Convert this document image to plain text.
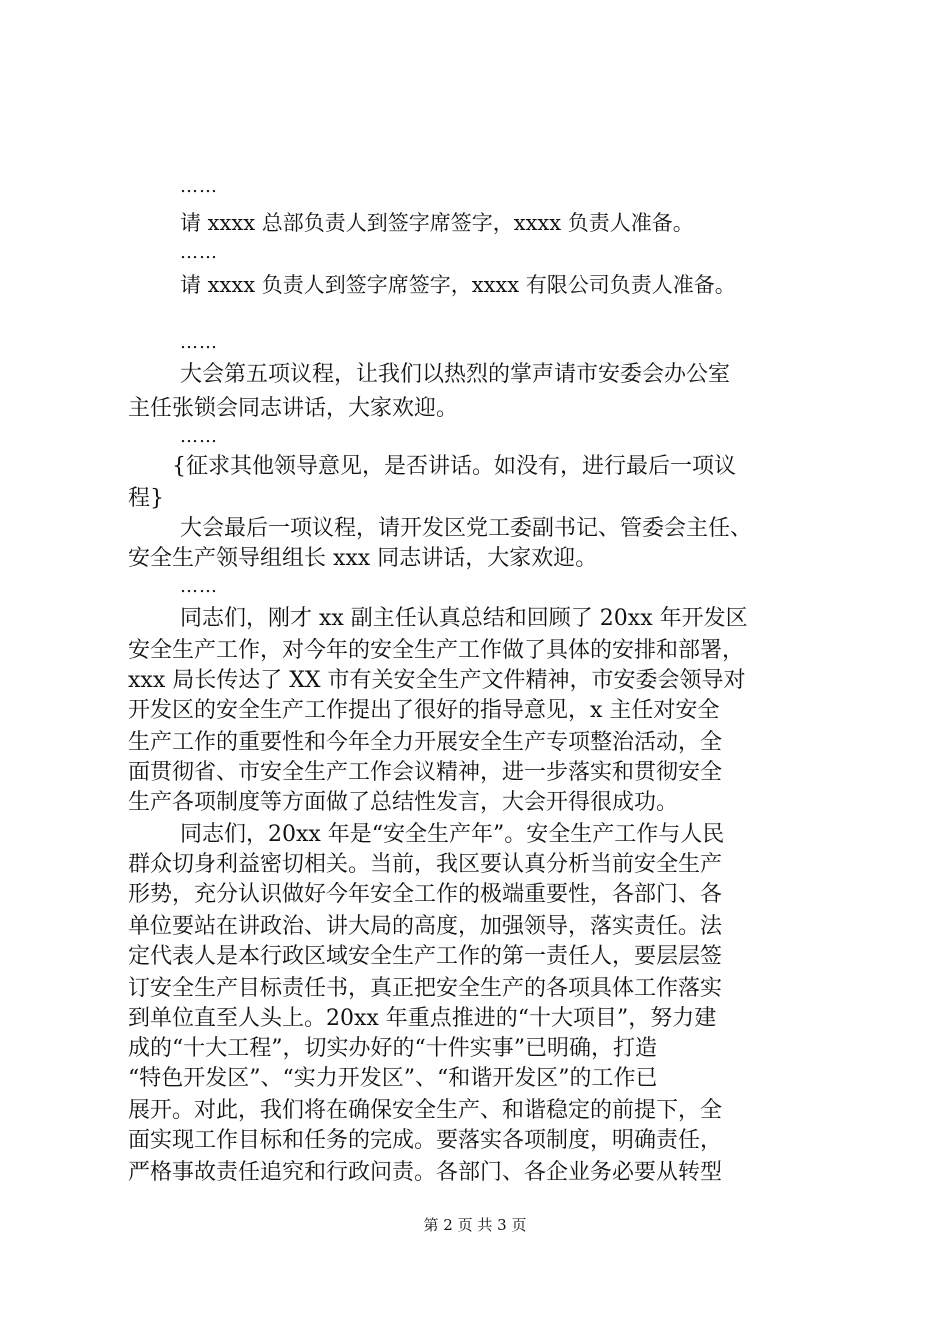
……
请 xxxx 总部负责人到签字席签字，xxxx 负责人准备。
……
请 xxxx 负责人到签字席签字，xxxx 有限公司负责人准备。
……
大会第五项议程，让我们以热烈的掌声请市安委会办公室
主任张锁会同志讲话，大家欢迎。
……
{征求其他领导意见，是否讲话。如没有，进行最后一项议
程}
大会最后一项议程，请开发区党工委副书记、管委会主任、
安全生产领导组组长 xxx 同志讲话，大家欢迎。
……
同志们，刚才 xx 副主任认真总结和回顾了 20xx 年开发区
安全生产工作，对今年的安全生产工作做了具体的安排和部署，
xxx 局长传达了 XX 市有关安全生产文件精神，市安委会领导对
开发区的安全生产工作提出了很好的指导意见，x 主任对安全
生产工作的重要性和今年全力开展安全生产专项整治活动，全
面贯彻省、市安全生产工作会议精神，进一步落实和贯彻安全
生产各项制度等方面做了总结性发言，大会开得很成功。
同志们，20xx 年是“安全生产年”。安全生产工作与人民
群众切身利益密切相关。当前，我区要认真分析当前安全生产
形势，充分认识做好今年安全工作的极端重要性，各部门、各
单位要站在讲政治、讲大局的高度，加强领导，落实责任。法
定代表人是本行政区域安全生产工作的第一责任人，要层层签
订安全生产目标责任书，真正把安全生产的各项具体工作落实
到单位直至人头上。20xx 年重点推进的“十大项目”，努力建
成的“十大工程”，切实办好的“十件实事”已明确，打造
“特色开发区”、“实力开发区”、“和谐开发区”的工作已
展开。对此，我们将在确保安全生产、和谐稳定的前提下，全
面实现工作目标和任务的完成。要落实各项制度，明确责任，
严格事故责任追究和行政问责。各部门、各企业务必要从转型
第 2 页 共 3 页
